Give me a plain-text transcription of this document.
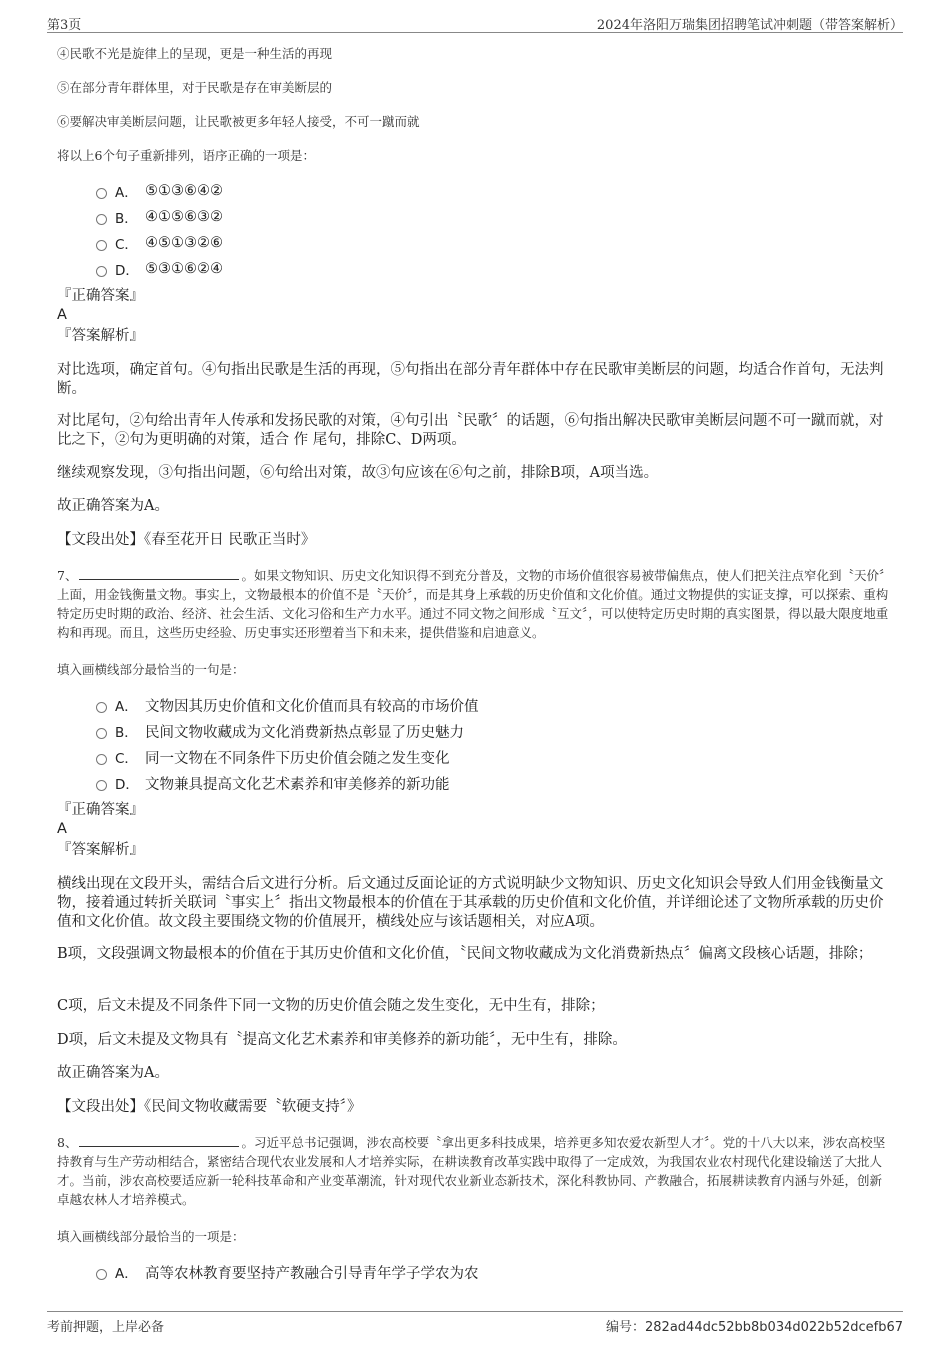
第3页	2024年洛阳万瑞集团招聘笔试冲刺题（带答案解析）
④民歌不光是旋律上的呈现，更是一种生活的再现
⑤在部分青年群体里，对于民歌是存在审美断层的
⑥要解决审美断层问题，让民歌被更多年轻人接受，不可一蹴而就
将以上6个句子重新排列，语序正确的一项是：
A． ⑤①③⑥④②
B． ④①⑤⑥③②
C． ④⑤①③②⑥
D． ⑤③①⑥②④
『正确答案』
A
『答案解析』
对比选项，确定首句。④句指出民歌是生活的再现，⑤句指出在部分青年群体中存在民歌审美断层的问题，均适合作首句，无法判断。
对比尾句，②句给出青年人传承和发扬民歌的对策，④句引出〝民歌〞的话题，⑥句指出解决民歌审美断层问题不可一蹴而就，对比之下，②句为更明确的对策，适合 作 尾句，排除C、D两项。
继续观察发现，③句指出问题，⑥句给出对策，故③句应该在⑥句之前，排除B项，A项当选。
故正确答案为A。
【文段出处】《春至花开日 民歌正当时》
7、	。如果文物知识、历史文化知识得不到充分普及，文物的市场价值很容易被带偏焦点，使人们把关注点窄化到〝天价〞上面，用金钱衡量文物。事实上，文物最根本的价值不是〝天价〞，而是其身上承载的历史价值和文化价值。通过文物提供的实证支撑，可以探索、重构特定历史时期的政治、经济、社会生活、文化习俗和生产力水平。通过不同文物之间形成〝互文〞，可以使特定历史时期的真实图景，得以最大限度地重构和再现。而且，这些历史经验、历史事实还形塑着当下和未来，提供借鉴和启迪意义。
填入画横线部分最恰当的一句是：
A． 文物因其历史价值和文化价值而具有较高的市场价值
B． 民间文物收藏成为文化消费新热点彰显了历史魅力
C． 同一文物在不同条件下历史价值会随之发生变化
D． 文物兼具提高文化艺术素养和审美修养的新功能
『正确答案』
A
『答案解析』
横线出现在文段开头，需结合后文进行分析。后文通过反面论证的方式说明缺少文物知识、历史文化知识会导致人们用金钱衡量文物，接着通过转折关联词〝事实上〞指出文物最根本的价值在于其承载的历史价值和文化价值，并详细论述了文物所承载的历史价值和文化价值。故文段主要围绕文物的价值展开，横线处应与该话题相关，对应A项。
B项，文段强调文物最根本的价值在于其历史价值和文化价值，〝民间文物收藏成为文化消费新热点〞偏离文段核心话题，排除；
C项，后文未提及不同条件下同一文物的历史价值会随之发生变化，无中生有，排除；
D项，后文未提及文物具有〝提高文化艺术素养和审美修养的新功能〞，无中生有，排除。
故正确答案为A。
【文段出处】《民间文物收藏需要〝软硬支持〞》
8、	。习近平总书记强调，涉农高校要〝拿出更多科技成果，培养更多知农爱农新型人才〞。党的十八大以来，涉农高校坚持教育与生产劳动相结合，紧密结合现代农业发展和人才培养实际，在耕读教育改革实践中取得了一定成效，为我国农业农村现代化建设输送了大批人才。当前，涉农高校要适应新一轮科技革命和产业变革潮流，针对现代农业新业态新技术，深化科教协同、产教融合，拓展耕读教育内涵与外延，创新卓越农林人才培养模式。
填入画横线部分最恰当的一项是：
A． 高等农林教育要坚持产教融合引导青年学子学农为农
考前押题，上岸必备	编号：282ad44dc52bb8b034d022b52dcefb67
